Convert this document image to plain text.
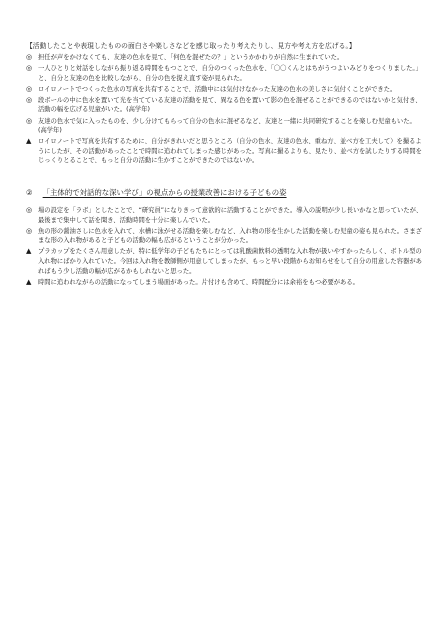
【活動したことや表現したものの面白さや楽しさなどを感じ取ったり考えたりし、見方や考え方を広げる。】

◎ 担任が声をかけなくても、友達の色水を見て、「何色を混ぜたの？」というかかわりが自然に生まれていた。
◎ 一人ひとりと対話をしながら振り返る時間をもつことで、自分のつくった色水を、「〇〇くんとはちがうつよいみどりをつくりました。」と、自分と友達の色を比較しながら、自分の色を捉え直す姿が見られた。
◎ ロイロノートでつくった色水の写真を共有することで、活動中には気付けなかった友達の色水の美しさに気付くことができた。
◎ 段ボールの中に色水を置いて光を当てている友達の活動を見て、異なる色を置いて影の色を混ぜることができるのではないかと気付き、活動の幅を広げる児童がいた。(高学年)
◎ 友達の色水で気に入ったものを、少し分けてもらって自分の色水に混ぜるなど、友達と一緒に共同研究することを楽しむ児童もいた。(高学年)
▲	ロイロノートで写真を共有するために、自分がきれいだと思うところ（自分の色水、友達の色水、重ね方、並べ方を工夫して）を撮るようにしたが、その活動があったことで時間に追われてしまった感じがあった。写真に撮るよりも、見たり、並べ方を試したりする時間をじっくりとることで、もっと自分の活動に生かすことができたのではないか。
② 「主体的で対話的な深い学び」の視点からの授業改善における子どもの姿
◎ 場の設定を「ラボ」としたことで、“研究員”になりきって意欲的に活動することができた。導入の説明が少し長いかなと思っていたが、最後まで集中して話を聞き、活動時間を十分に楽しんでいた。
◎ 魚の形の醤油さしに色水を入れて、水槽に泳がせる活動を楽しむなど、入れ物の形を生かした活動を楽しむ児童の姿も見られた。さまざまな形の入れ物があると子どもの活動の幅も広がるということが分かった。
▲	プラカップをたくさん用意したが、特に低学年の子どもたちにとっては乳酸菌飲料の透明な入れ物が扱いやすかったらしく、ボトル型の入れ物にばかり入れていた。今回は入れ物を教師側が用意してしまったが、もっと早い段階からお知らせをして自分の用意した容器があればもう少し活動の幅が広がるかもしれないと思った。
▲	時間に追われながらの活動になってしまう場面があった。片付けも含めて、時間配分には余裕をもつ必要がある。
